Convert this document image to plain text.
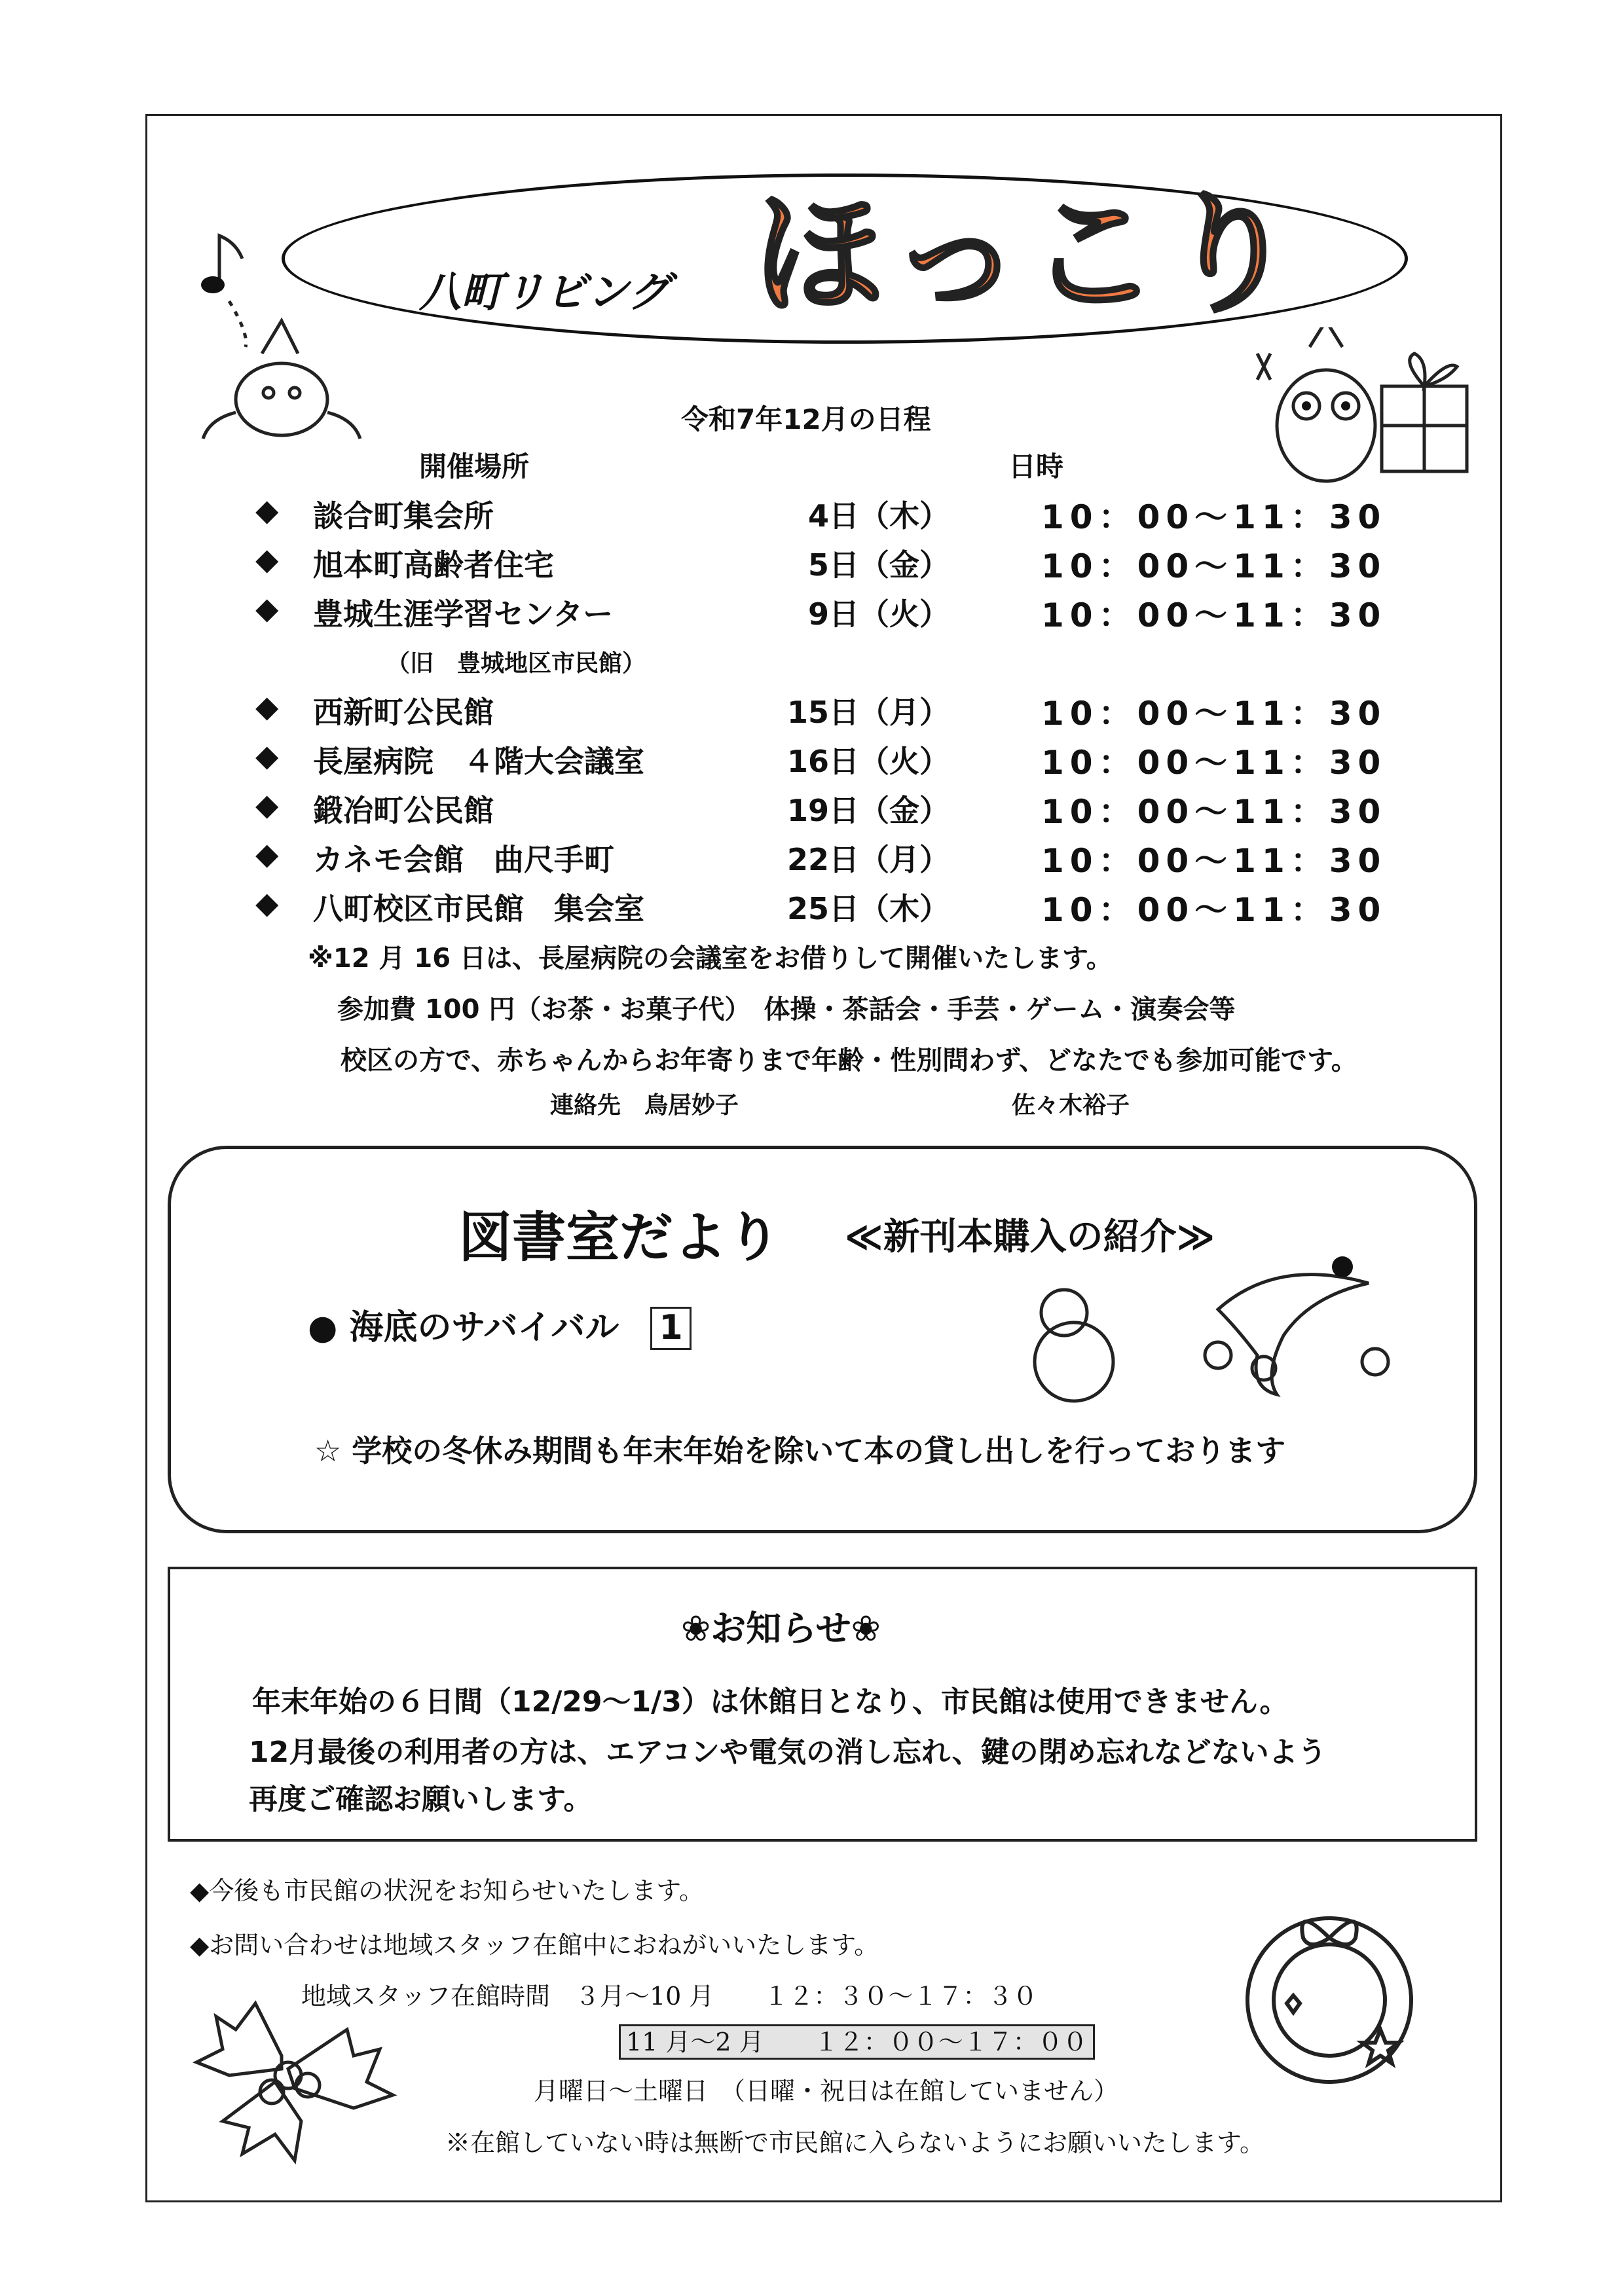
八町リビング ほっこり
令和7年12月の日程
開催場所	日時
◆ 談合町集会所	4日（木）	10：00～11：30
◆ 旭本町高齢者住宅	5日（金）	10：00～11：30
◆ 豊城生涯学習センター	9日（火）	10：00～11：30
（旧　豊城地区市民館）
◆ 西新町公民館	15日（月）	10：00～11：30
◆ 長屋病院　４階大会議室	16日（火）	10：00～11：30
◆ 鍛冶町公民館	19日（金）	10：00～11：30
◆ カネモ会館　曲尺手町	22日（月）	10：00～11：30
◆ 八町校区市民館　集会室	25日（木）	10：00～11：30
※12 月 16 日は、長屋病院の会議室をお借りして開催いたします。
参加費 100 円（お茶・お菓子代）　体操・茶話会・手芸・ゲーム・演奏会等
校区の方で、赤ちゃんからお年寄りまで年齢・性別問わず、どなたでも参加可能です。
連絡先　鳥居妙子	佐々木裕子
図書室だより ≪新刊本購入の紹介≫
● 海底のサバイバル 1
☆ 学校の冬休み期間も年末年始を除いて本の貸し出しを行っております
❀お知らせ❀
年末年始の６日間（12/29～1/3）は休館日となり、市民館は使用できません。
12月最後の利用者の方は、エアコンや電気の消し忘れ、鍵の閉め忘れなどないよう
再度ご確認お願いします。
◆今後も市民館の状況をお知らせいたします。
◆お問い合わせは地域スタッフ在館中におねがいいたします。
地域スタッフ在館時間　３月～10 月　　１２：３０～１７：３０
11 月～2 月　　１２：００～１７：００
月曜日～土曜日　（日曜・祝日は在館していません）
※在館していない時は無断で市民館に入らないようにお願いいたします。
